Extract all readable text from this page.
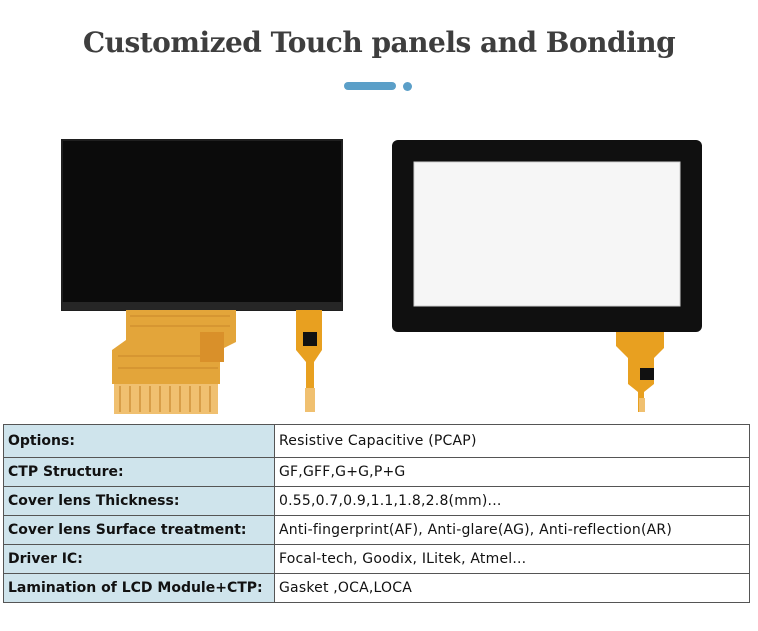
Customized Touch panels and Bonding
Options:	Resistive Capacitive (PCAP)
CTP Structure:	GF,GFF,G+G,P+G
Cover lens Thickness:	0.55,0.7,0.9,1.1,1.8,2.8(mm)...
Cover lens Surface treatment:	Anti-fingerprint(AF), Anti-glare(AG), Anti-reflection(AR)
Driver IC:	Focal-tech, Goodix, ILitek, Atmel...
Lamination of LCD Module+CTP:	Gasket ,OCA,LOCA
